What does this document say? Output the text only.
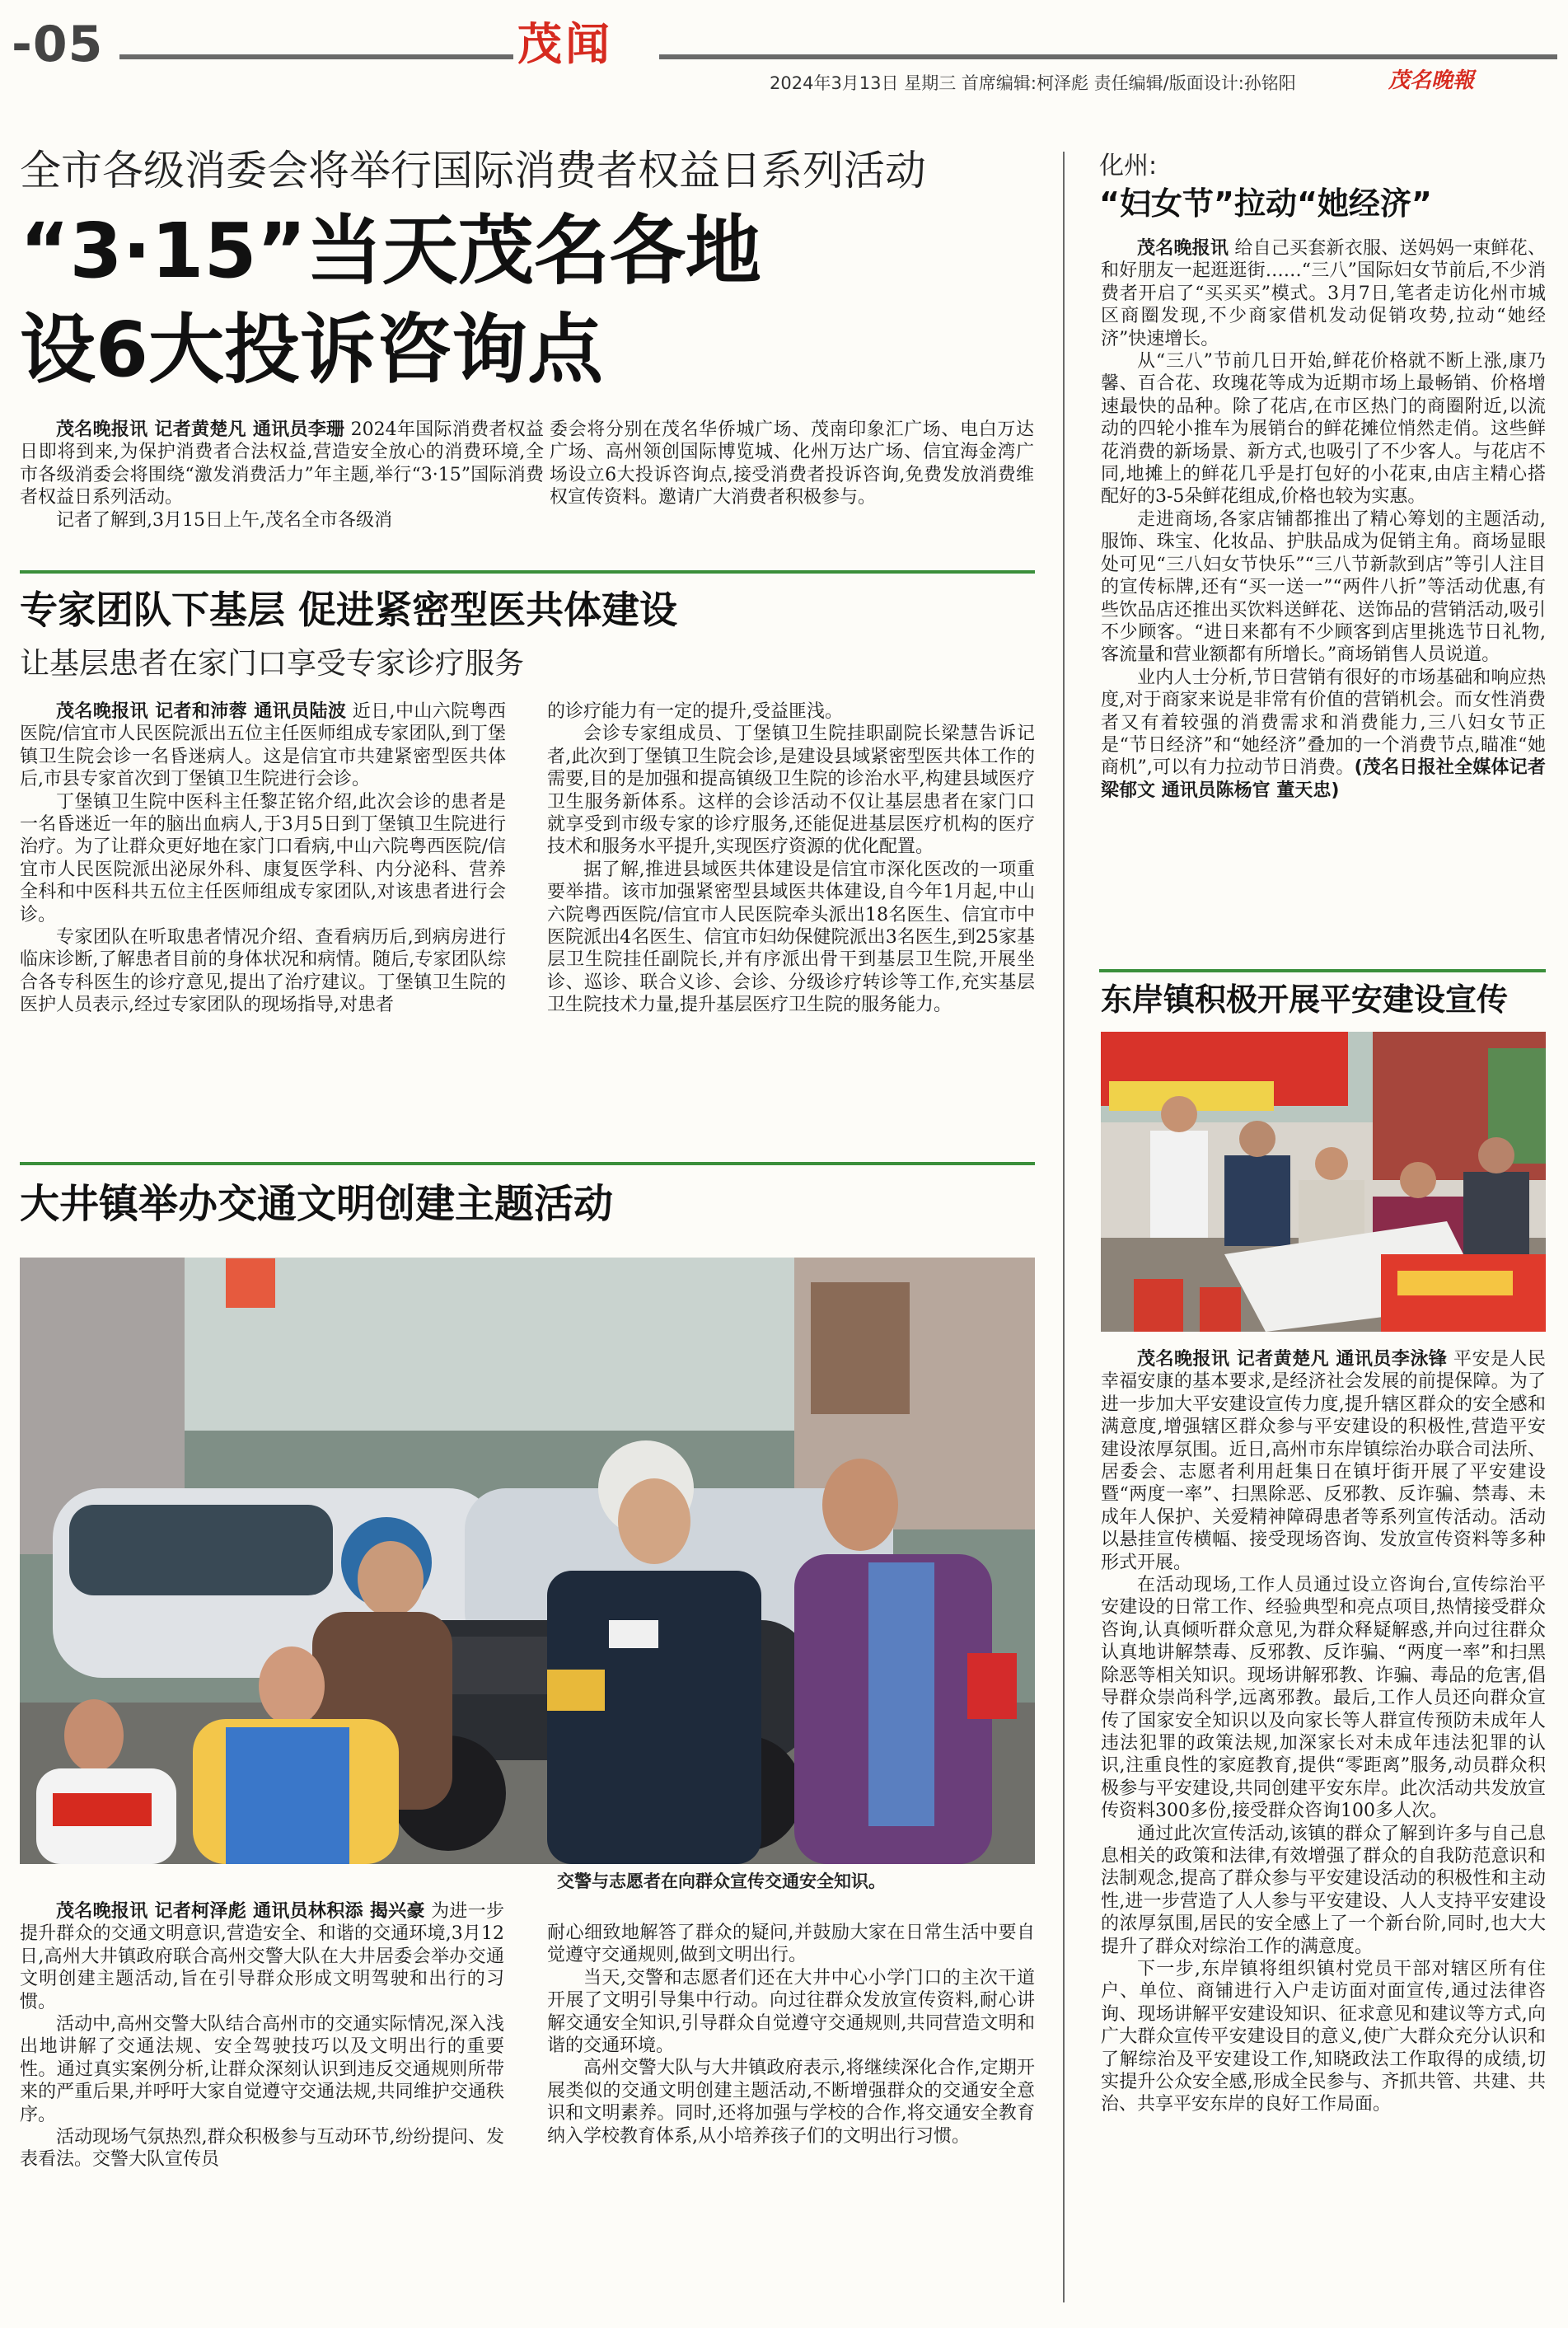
-05	茂闻
2024年3月13日 星期三 首席编辑:柯泽彪 责任编辑/版面设计:孙铭阳	茂名晚報
全市各级消委会将举行国际消费者权益日系列活动
“3·15”当天茂名各地
设6大投诉咨询点

茂名晚报讯 记者黄楚凡 通讯员李珊 2024年国际消费者权益日即将到来,为保护消费者合法权益,营造安全放心的消费环境,全市各级消委会将围绕“激发消费活力”年主题,举行“3·15”国际消费者权益日系列活动。

记者了解到,3月15日上午,茂名全市各级消

委会将分别在茂名华侨城广场、茂南印象汇广场、电白万达广场、高州领创国际博览城、化州万达广场、信宜海金湾广场设立6大投诉咨询点,接受消费者投诉咨询,免费发放消费维权宣传资料。邀请广大消费者积极参与。

专家团队下基层 促进紧密型医共体建设
让基层患者在家门口享受专家诊疗服务

茂名晚报讯 记者和沛蓉 通讯员陆波 近日,中山六院粤西医院/信宜市人民医院派出五位主任医师组成专家团队,到丁堡镇卫生院会诊一名昏迷病人。这是信宜市共建紧密型医共体后,市县专家首次到丁堡镇卫生院进行会诊。

丁堡镇卫生院中医科主任黎芷铭介绍,此次会诊的患者是一名昏迷近一年的脑出血病人,于3月5日到丁堡镇卫生院进行治疗。为了让群众更好地在家门口看病,中山六院粤西医院/信宜市人民医院派出泌尿外科、康复医学科、内分泌科、营养全科和中医科共五位主任医师组成专家团队,对该患者进行会诊。

专家团队在听取患者情况介绍、查看病历后,到病房进行临床诊断,了解患者目前的身体状况和病情。随后,专家团队综合各专科医生的诊疗意见,提出了治疗建议。丁堡镇卫生院的医护人员表示,经过专家团队的现场指导,对患者

的诊疗能力有一定的提升,受益匪浅。

会诊专家组成员、丁堡镇卫生院挂职副院长梁慧告诉记者,此次到丁堡镇卫生院会诊,是建设县域紧密型医共体工作的需要,目的是加强和提高镇级卫生院的诊治水平,构建县域医疗卫生服务新体系。这样的会诊活动不仅让基层患者在家门口就享受到市级专家的诊疗服务,还能促进基层医疗机构的医疗技术和服务水平提升,实现医疗资源的优化配置。

据了解,推进县域医共体建设是信宜市深化医改的一项重要举措。该市加强紧密型县域医共体建设,自今年1月起,中山六院粤西医院/信宜市人民医院牵头派出18名医生、信宜市中医院派出4名医生、信宜市妇幼保健院派出3名医生,到25家基层卫生院挂任副院长,并有序派出骨干到基层卫生院,开展坐诊、巡诊、联合义诊、会诊、分级诊疗转诊等工作,充实基层卫生院技术力量,提升基层医疗卫生院的服务能力。

大井镇举办交通文明创建主题活动
交警与志愿者在向群众宣传交通安全知识。

茂名晚报讯 记者柯泽彪 通讯员林积添 揭兴豪 为进一步提升群众的交通文明意识,营造安全、和谐的交通环境,3月12日,高州大井镇政府联合高州交警大队在大井居委会举办交通文明创建主题活动,旨在引导群众形成文明驾驶和出行的习惯。

活动中,高州交警大队结合高州市的交通实际情况,深入浅出地讲解了交通法规、安全驾驶技巧以及文明出行的重要性。通过真实案例分析,让群众深刻认识到违反交通规则所带来的严重后果,并呼吁大家自觉遵守交通法规,共同维护交通秩序。

活动现场气氛热烈,群众积极参与互动环节,纷纷提问、发表看法。交警大队宣传员

耐心细致地解答了群众的疑问,并鼓励大家在日常生活中要自觉遵守交通规则,做到文明出行。

当天,交警和志愿者们还在大井中心小学门口的主次干道开展了文明引导集中行动。向过往群众发放宣传资料,耐心讲解交通安全知识,引导群众自觉遵守交通规则,共同营造文明和谐的交通环境。

高州交警大队与大井镇政府表示,将继续深化合作,定期开展类似的交通文明创建主题活动,不断增强群众的交通安全意识和文明素养。同时,还将加强与学校的合作,将交通安全教育纳入学校教育体系,从小培养孩子们的文明出行习惯。

化州:
“妇女节”拉动“她经济”

茂名晚报讯 给自己买套新衣服、送妈妈一束鲜花、和好朋友一起逛逛街……“三八”国际妇女节前后,不少消费者开启了“买买买”模式。3月7日,笔者走访化州市城区商圈发现,不少商家借机发动促销攻势,拉动“她经济”快速增长。

从“三八”节前几日开始,鲜花价格就不断上涨,康乃馨、百合花、玫瑰花等成为近期市场上最畅销、价格增速最快的品种。除了花店,在市区热门的商圈附近,以流动的四轮小推车为展销台的鲜花摊位悄然走俏。这些鲜花消费的新场景、新方式,也吸引了不少客人。与花店不同,地摊上的鲜花几乎是打包好的小花束,由店主精心搭配好的3-5朵鲜花组成,价格也较为实惠。

走进商场,各家店铺都推出了精心筹划的主题活动,服饰、珠宝、化妆品、护肤品成为促销主角。商场显眼处可见“三八妇女节快乐”“三八节新款到店”等引人注目的宣传标牌,还有“买一送一”“两件八折”等活动优惠,有些饮品店还推出买饮料送鲜花、送饰品的营销活动,吸引不少顾客。“进日来都有不少顾客到店里挑选节日礼物,客流量和营业额都有所增长。”商场销售人员说道。

业内人士分析,节日营销有很好的市场基础和响应热度,对于商家来说是非常有价值的营销机会。而女性消费者又有着较强的消费需求和消费能力,三八妇女节正是“节日经济”和“她经济”叠加的一个消费节点,瞄准“她商机”,可以有力拉动节日消费。(茂名日报社全媒体记者梁郁文 通讯员陈杨官 董天忠)

东岸镇积极开展平安建设宣传

茂名晚报讯 记者黄楚凡 通讯员李泳锋 平安是人民幸福安康的基本要求,是经济社会发展的前提保障。为了进一步加大平安建设宣传力度,提升辖区群众的安全感和满意度,增强辖区群众参与平安建设的积极性,营造平安建设浓厚氛围。近日,高州市东岸镇综治办联合司法所、居委会、志愿者利用赶集日在镇圩街开展了平安建设暨“两度一率”、扫黑除恶、反邪教、反诈骗、禁毒、未成年人保护、关爱精神障碍患者等系列宣传活动。活动以悬挂宣传横幅、接受现场咨询、发放宣传资料等多种形式开展。

在活动现场,工作人员通过设立咨询台,宣传综治平安建设的日常工作、经验典型和亮点项目,热情接受群众咨询,认真倾听群众意见,为群众释疑解惑,并向过往群众认真地讲解禁毒、反邪教、反诈骗、“两度一率”和扫黑除恶等相关知识。现场讲解邪教、诈骗、毒品的危害,倡导群众崇尚科学,远离邪教。最后,工作人员还向群众宣传了国家安全知识以及向家长等人群宣传预防未成年人违法犯罪的政策法规,加深家长对未成年违法犯罪的认识,注重良性的家庭教育,提供“零距离”服务,动员群众积极参与平安建设,共同创建平安东岸。此次活动共发放宣传资料300多份,接受群众咨询100多人次。

通过此次宣传活动,该镇的群众了解到许多与自己息息相关的政策和法律,有效增强了群众的自我防范意识和法制观念,提高了群众参与平安建设活动的积极性和主动性,进一步营造了人人参与平安建设、人人支持平安建设的浓厚氛围,居民的安全感上了一个新台阶,同时,也大大提升了群众对综治工作的满意度。

下一步,东岸镇将组织镇村党员干部对辖区所有住户、单位、商铺进行入户走访面对面宣传,通过法律咨询、现场讲解平安建设知识、征求意见和建议等方式,向广大群众宣传平安建设目的意义,使广大群众充分认识和了解综治及平安建设工作,知晓政法工作取得的成绩,切实提升公众安全感,形成全民参与、齐抓共管、共建、共治、共享平安东岸的良好工作局面。
